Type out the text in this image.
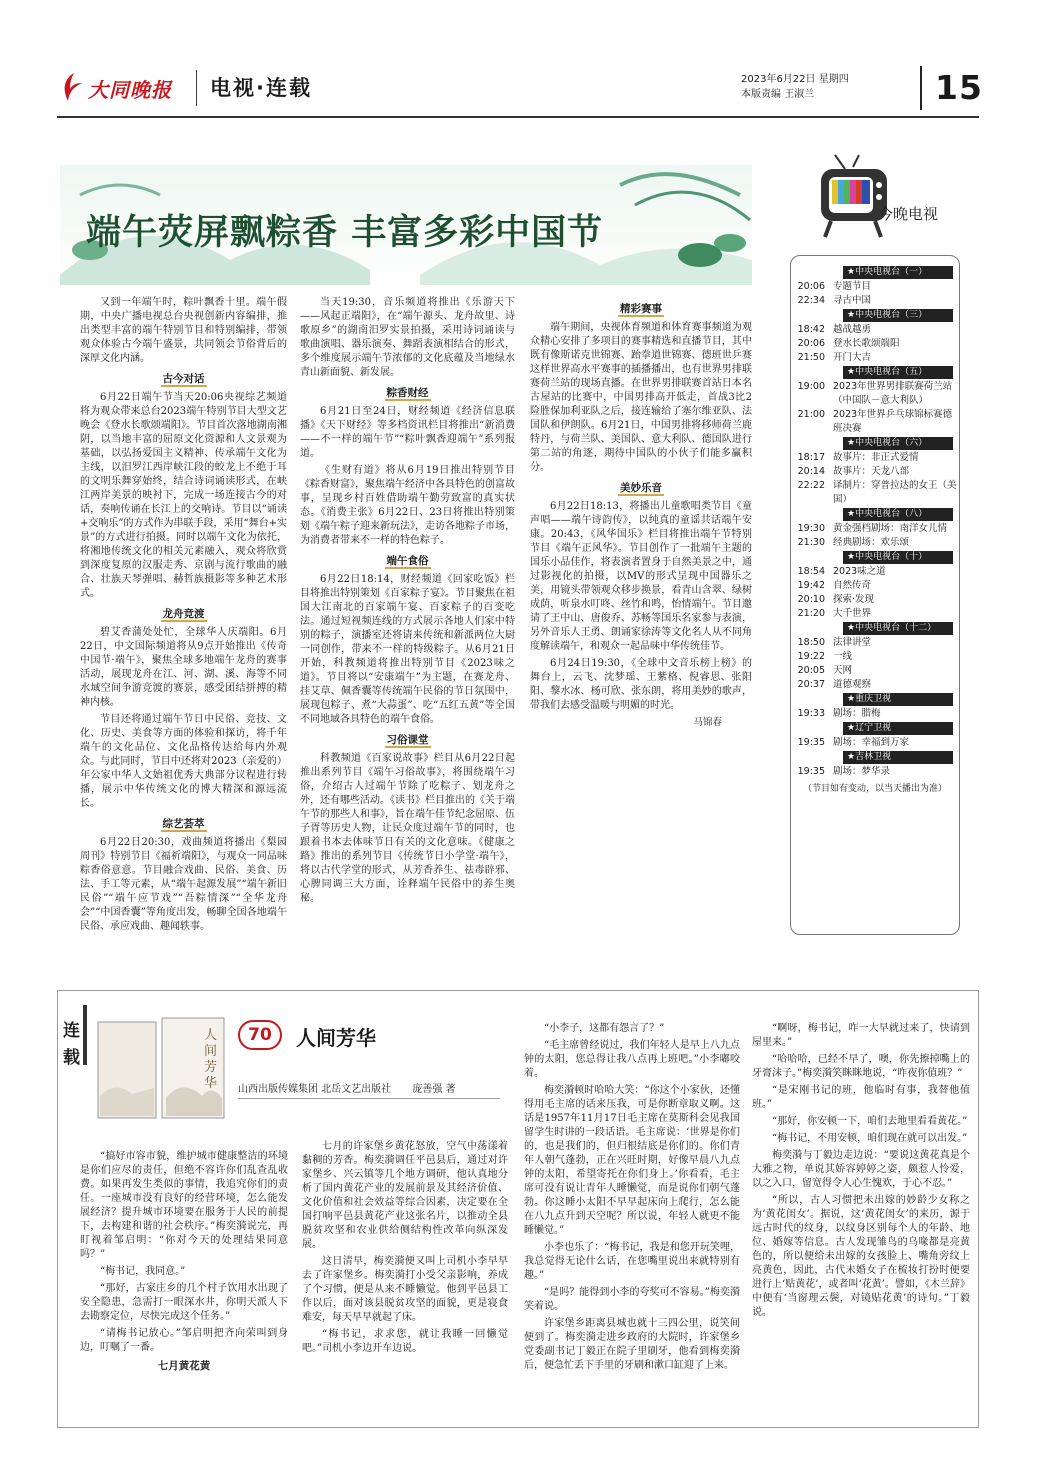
大同晚报 电视·连载	2023年6月22日 星期四
本版责编 王淑兰	15
端午荧屏飘粽香 丰富多彩中国节

又到一年端午时，粽叶飘香十里。端午假期，中央广播电视总台央视创新内容编排，推出类型丰富的端午特别节目和特别编排，带领观众体验古今端午盛景，共同领会节俗背后的深厚文化内涵。

古今对话

6月22日端午节当天20:06央视综艺频道将为观众带来总台2023端午特别节目大型文艺晚会《登水长歌颂端阳》。节目首次落地湖南湘阴，以当地丰富的屈原文化资源和人文景观为基础，以弘扬爱国主义精神、传承端午文化为主线，以汨罗江西岸峡江段的蛟龙上不绝于耳的文明乐舞穿始终，结合诗词诵读形式，在峡江两岸美景的映衬下，完成一场连接古今的对话，奏响传诵在长江上的交响诗。节目以“诵读+交响乐”的方式作为串联手段，采用“舞台+实景”的方式进行拍摄。同时以端午文化为依托，将湘地传统文化的相关元素融入，观众将欣赏到深度复原的汉服走秀、京剧与流行歌曲的融合、壮族天琴弹唱、赫哲族摄影等多种艺术形式。

龙舟竞渡

碧艾香蒲处处忙，全球华人庆端阳。6月22日，中文国际频道将从9点开始推出《传奇中国节·端午》，聚焦全球多地端午龙舟的赛事活动，展现龙舟在江、河、湖、溪、海等不同水域空间争游竞渡的赛景，感受团结拼搏的精神内核。

节目还将通过端午节日中民俗、竞技、文化、历史、美食等方面的体验和探访，将千年端午的文化品位、文化品格传达给每内外观众。与此同时，节目中还将对2023（亲爱的）年公家中华人文始祖优秀大典部分议程进行转播，展示中华传统文化的博大精深和源远流长。

综艺荟萃

6月22日20:30，戏曲频道将播出《梨园周刊》特别节目《福祈端阳》，与观众一同品味粽香俗意意。节目融合戏曲、民俗、美食、历法、手工等元素，从“端午起源发展”“端午新旧民俗”“端午应节戏”“吾粽情深”“全华龙舟会”“中国香囊”等角度出发，畅聊全国各地端午民俗、承应戏曲、趣闻轶事。

当天19:30，音乐频道将推出《乐游天下——风起正端阳》，在“端午源头、龙舟故里、诗歌原乡”的湖南汨罗实景拍摄，采用诗词诵读与歌曲演唱、器乐演奏、舞蹈表演相结合的形式，多个维度展示端午节浓郁的文化底蕴及当地绿水青山新面貌、新发展。

粽香财经

6月21日至24日，财经频道《经济信息联播》《天下财经》等多档资讯栏目将推出“新消费——不一样的端午节”“粽叶飘香迎端午”系列报道。

《生财有道》将从6月19日推出特别节目《粽香财富》，聚焦端午经济中各具特色的创富故事，呈现乡村百姓借助端午勤劳致富的真实状态。《消费主张》6月22日、23日将推出特别策划《端午粽子迎来新玩法》，走访各地粽子市场，为消费者带来不一样的特色粽子。

端午食俗

6月22日18:14，财经频道《回家吃饭》栏目将推出特别策划《百家粽子宴》。节目聚焦在祖国大江南北的百家端午宴、百家粽子的百变吃法。通过短视频连线的方式展示各地人们家中特别的粽子，演播室还将请来传统和新派两位大厨一同创作，带来不一样的特级粽子。从6月21日开始，科教频道将推出特别节目《2023味之道》。节目将以“安康端午”为主题，在赛龙舟、挂艾草、佩香囊等传统端午民俗的节日氛围中，展现包粽子、煮“大蒜蛋”、吃“五红五黄”等全国不同地域各具特色的端午食俗。

习俗课堂

科教频道《百家说故事》栏目从6月22日起推出系列节目《端午习俗故事》，将围绕端午习俗，介绍古人过端午节除了吃粽子、划龙舟之外，还有哪些活动。《读书》栏目推出的《关于端午节的那些人和事》，旨在端午佳节纪念屈原、伍子胥等历史人物，让民众度过端午节的同时，也跟着书本去体味节日有关的文化意味。《健康之路》推出的系列节目《传统节日小学堂·端午》，将以古代学堂的形式，从芳香养生、祛毒辟邪、心脾同调三大方面，诠释端午民俗中的养生奥秘。

精彩赛事

端午期间，央视体育频道和体育赛事频道为观众精心安排了多项目的赛事精选和直播节目，其中既有像斯诺克世锦赛、跆拳道世锦赛、德班世乒赛这样世界高水平赛事的插播播出，也有世界男排联赛荷兰站的现场直播。在世界男排联赛首站日本名古屋站的比赛中，中国男排高开低走，首战3比2险胜保加利亚队之后，接连输给了塞尔维亚队、法国队和伊朗队。6月21日，中国男排将移师荷兰鹿特丹，与荷兰队、美国队、意大利队、德国队进行第二站的角逐，期待中国队的小伙子们能多赢积分。

美妙乐音

6月22日18:13，将播出儿童歌唱类节目《童声唱——端午诗韵传》，以纯真的童谣共话端午安康。20:43，《风华国乐》栏目将推出端午节特别节目《端午正风华》。节目创作了一批端午主题的国乐小品佳作，将表演者置身于自然美景之中，通过影视化的拍摄，以MV的形式呈现中国器乐之美，用镜头带领观众移步换景，看青山含翠、绿树成荫，听泉水叮咚、丝竹和鸣，怡情端午。节目邀请了王中山、唐俊乔、苏畅等国乐名家参与表演，另外音乐人王勇、朗诵家徐涛等文化名人从不同角度解读端午，和观众一起品味中华传统佳节。

6月24日19:30，《全球中文音乐榜上榜》的舞台上，云飞、沈梦瑶、王紫格、倪睿思、张阳阳、黎水冰、杨可欣、张东朗，将用美妙的歌声，带我们去感受温暖与明媚的时光。

马锦春
今晚电视
★中央电视台（一）
20:06 专题节目
22:34 寻古中国
★中央电视台（三）
18:42 越战越勇
20:06 登水长歌颂端阳
21:50 开门大吉
★中央电视台（五）
19:00 2023年世界男排联赛荷兰站（中国队－意大利队）
21:00 2023年世界乒乓球锦标赛德班决赛
★中央电视台（六）
18:17 故事片：非正式爱情
20:14 故事片：天龙八部
22:22 译制片：穿普拉达的女王（美国）
★中央电视台（八）
19:30 黄金强档剧场：南洋女儿情
21:30 经典剧场：欢乐颂
★中央电视台（十）
18:54 2023味之道
19:42 自然传奇
20:10 探索·发现
21:20 大千世界
★中央电视台（十二）
18:50 法律讲堂
19:22 一线
20:05 天网
20:37 道德观察
★重庆卫视
19:33 剧场：腊梅
★辽宁卫视
19:35 剧场：幸福到万家
★吉林卫视
19:35 剧场：梦华录
（节目如有变动，以当天播出为准）
连载
人间芳华
70	人间芳华
山西出版传媒集团 北岳文艺出版社 庞善强 著

“搞好市容市貌，维护城市健康整洁的环境是你们应尽的责任，但绝不容许你们乱查乱收费。如果再发生类似的事情，我追究你们的责任。一座城市没有良好的经营环境，怎么能发展经济？提升城市环境要在服务于人民的前提下，去构建和谐的社会秩序。”梅奕漪说完，再盯视着邹启明：“你对今天的处理结果同意吗？”

“梅书记，我同意。”

“那好，古家庄乡的几个村子饮用水出现了安全隐患，急需打一眼深水井，你明天派人下去勘察定位，尽快完成这个任务。”

“请梅书记放心。”邹启明把齐向荣叫到身边，叮嘱了一番。

七月黄花黄

七月的许家堡乡黄花怒放，空气中荡漾着黏稠的芳香。梅奕漪调任平邑县后，通过对许家堡乡、兴云镇等几个地方调研，他认真地分析了国内黄花产业的发展前景及其经济价值、文化价值和社会效益等综合因素，决定要在全国打响平邑县黄花产业这张名片，以推动全县脱贫攻坚和农业供给侧结构性改革向纵深发展。

这日清早，梅奕漪便又叫上司机小李早早去了许家堡乡。梅奕漪打小受父亲影响，养成了个习惯，便是从来不睡懒觉。他到平邑县工作以后，面对该县脱贫攻坚的面貌，更是寝食难安，每天早早就起了床。

“梅书记，求求您，就让我睡一回懒觉吧。”司机小李边开车边说。

“小李子，这都有怨言了？”

“毛主席曾经说过，我们年轻人是早上八九点钟的太阳，您总得让我八点再上班吧。”小李嘟咬着。

梅奕漪顿时哈哈大笑：“你这个小家伙，还懂得用毛主席的话来压我，可是你断章取义啊。这话是1957年11月17日毛主席在莫斯科会见我国留学生时讲的一段话语。毛主席说：‘世界是你们的，也是我们的，但归根结底是你们的。你们青年人朝气蓬勃，正在兴旺时期，好像早晨八九点钟的太阳，希望寄托在你们身上。’你看看，毛主席可没有说让青年人睡懒觉，而是说你们朝气蓬勃。你这睡小太阳不早早起床向上爬行，怎么能在八九点升到天空呢？所以说，年轻人就更不能睡懒觉。”

小李也乐了：“梅书记，我是和您开玩笑哩，我总觉得无论什么话，在您嘴里说出来就特别有趣。”

“是吗？能得到小李的夸奖可不容易。”梅奕漪笑着说。

许家堡乡距离县城也就十三四公里，说笑间便到了。梅奕漪走进乡政府的大院时，许家堡乡党委副书记丁毅正在院子里刷牙，他看到梅奕漪后，便急忙丢下手里的牙刷和漱口缸迎了上来。

“啊呀，梅书记，咋一大早就过来了，快请到屋里来。”

“哈哈哈，已经不早了，噢，你先擦掉嘴上的牙膏沫子。”梅奕漪笑眯眯地说，“咋夜你值班？”

“是宋刚书记的班，他临时有事，我替他值班。”

“那好，你安顿一下，咱们去地里看看黄花。”

“梅书记，不用安顿，咱们现在就可以出发。”

梅奕漪与丁毅边走边说：“要说这黄花真是个大雅之物，单说其娇容婷婷之姿，颇惹人怜爱，以之入口，留宽得令人心生愧欢，于心不忍。”

“所以，古人习惯把未出嫁的妙龄少女称之为‘黄花闺女’。据说，这‘黄花闺女’的来历，源于远古时代的纹身，以纹身区别每个人的年龄、地位、婚嫁等信息。古人发现雏鸟的乌喙都是亮黄色的，所以便给未出嫁的女孩脸上、嘴角旁纹上亮黄色，因此，古代未婚女子在梳妆打扮时便要进行上‘贴黄花’，或者叫‘花黄’。譬如，《木兰辞》中便有‘当窗理云鬓，对镜贴花黄’的诗句。”丁毅说。
